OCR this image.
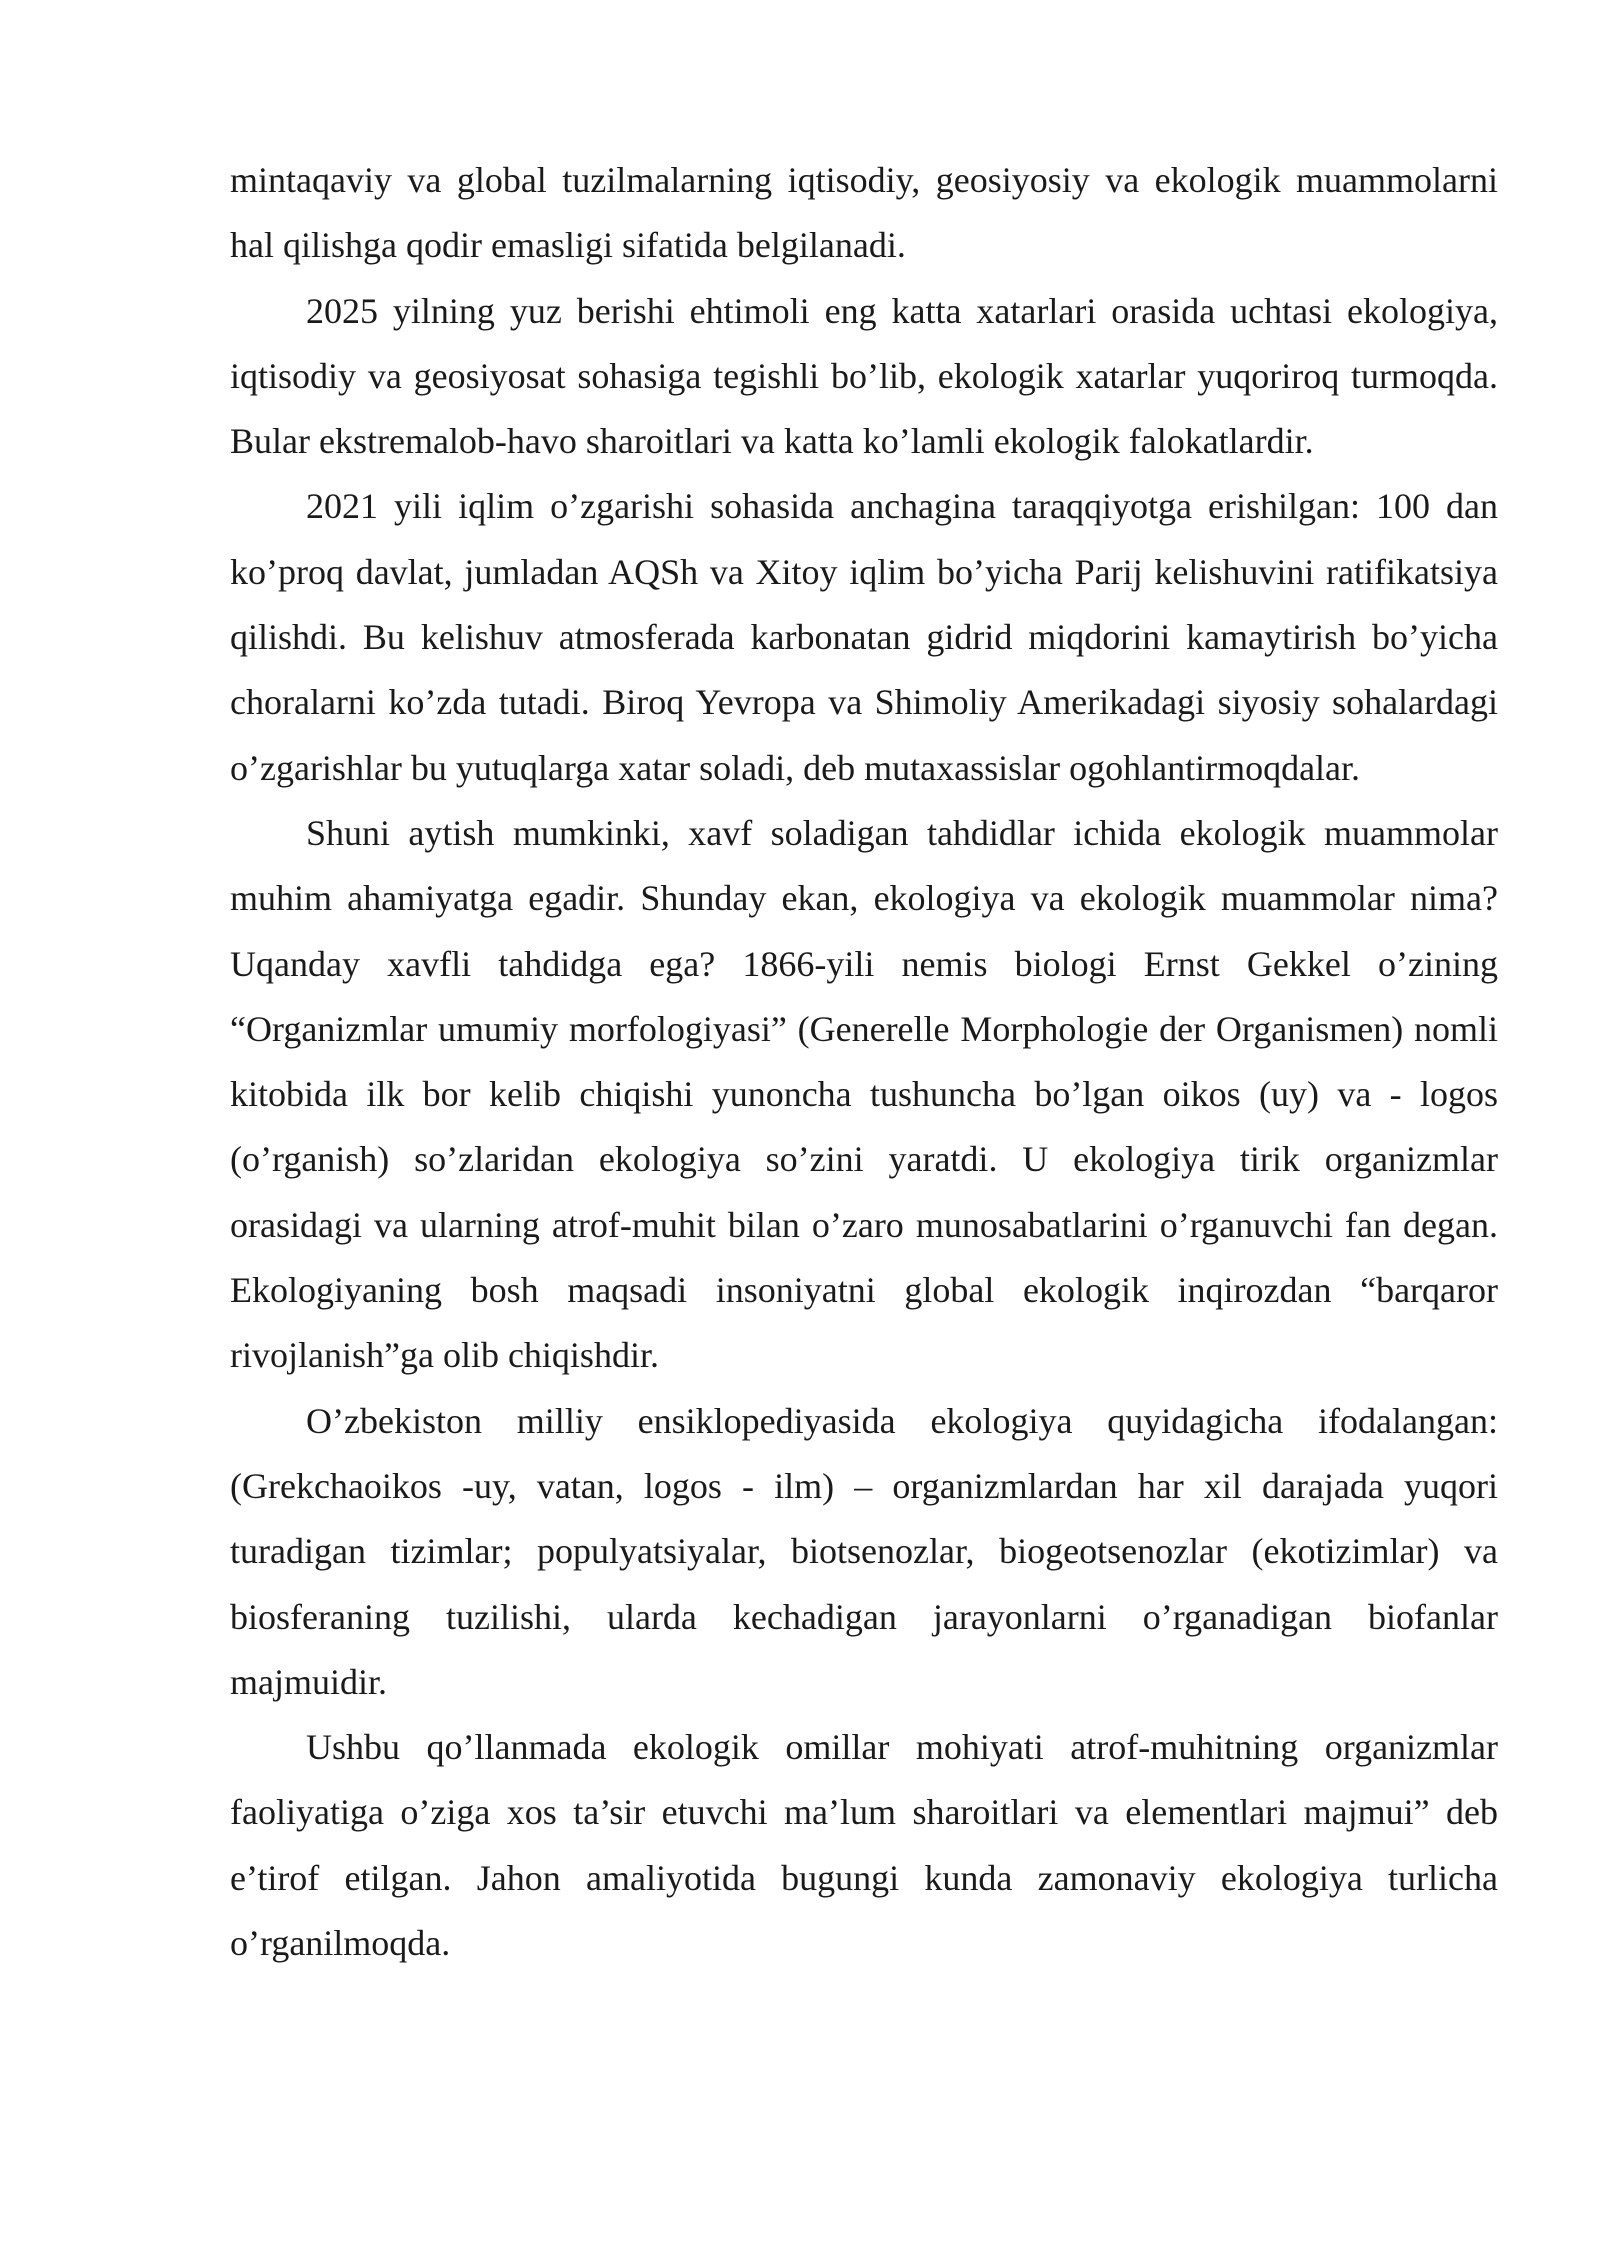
mintaqaviy va global tuzilmalarning iqtisodiy, geosiyosiy va ekologik muammolarni hal qilishga qodir emasligi sifatida belgilanadi.

2025 yilning yuz berishi ehtimoli eng katta xatarlari orasida uchtasi ekologiya, iqtisodiy va geosiyosat sohasiga tegishli bo’lib, ekologik xatarlar yuqoriroq turmoqda. Bular ekstremalob-havo sharoitlari va katta ko’lamli ekologik falokatlardir.

2021 yili iqlim o’zgarishi sohasida anchagina taraqqiyotga erishilgan: 100 dan ko’proq davlat, jumladan AQSh va Xitoy iqlim bo’yicha Parij kelishuvini ratifikatsiya qilishdi. Bu kelishuv atmosferada karbonatan gidrid miqdorini kamaytirish bo’yicha choralarni ko’zda tutadi. Biroq Yevropa va Shimoliy Amerikadagi siyosiy sohalardagi o’zgarishlar bu yutuqlarga xatar soladi, deb mutaxassislar ogohlantirmoqdalar.

Shuni aytish mumkinki, xavf soladigan tahdidlar ichida ekologik muammolar muhim ahamiyatga egadir. Shunday ekan, ekologiya va ekologik muammolar nima? Uqanday xavfli tahdidga ega? 1866-yili nemis biologi Ernst Gekkel o’zining “Organizmlar umumiy morfologiyasi” (Generelle Morphologie der Organismen) nomli kitobida ilk bor kelib chiqishi yunoncha tushuncha bo’lgan oikos (uy) va - logos (o’rganish) so’zlaridan ekologiya so’zini yaratdi. U ekologiya tirik organizmlar orasidagi va ularning atrof-muhit bilan o’zaro munosabatlarini o’rganuvchi fan degan. Ekologiyaning bosh maqsadi insoniyatni global ekologik inqirozdan “barqaror rivojlanish”ga olib chiqishdir.

O’zbekiston milliy ensiklopediyasida ekologiya quyidagicha ifodalangan: (Grekchaoikos -uy, vatan, logos - ilm) – organizmlardan har xil darajada yuqori turadigan tizimlar; populyatsiyalar, biotsenozlar, biogeotsenozlar (ekotizimlar) va biosferaning tuzilishi, ularda kechadigan jarayonlarni o’rganadigan biofanlar majmuidir.

Ushbu qo’llanmada ekologik omillar mohiyati atrof-muhitning organizmlar faoliyatiga o’ziga xos ta’sir etuvchi ma’lum sharoitlari va elementlari majmui” deb e’tirof etilgan. Jahon amaliyotida bugungi kunda zamonaviy ekologiya turlicha o’rganilmoqda.
